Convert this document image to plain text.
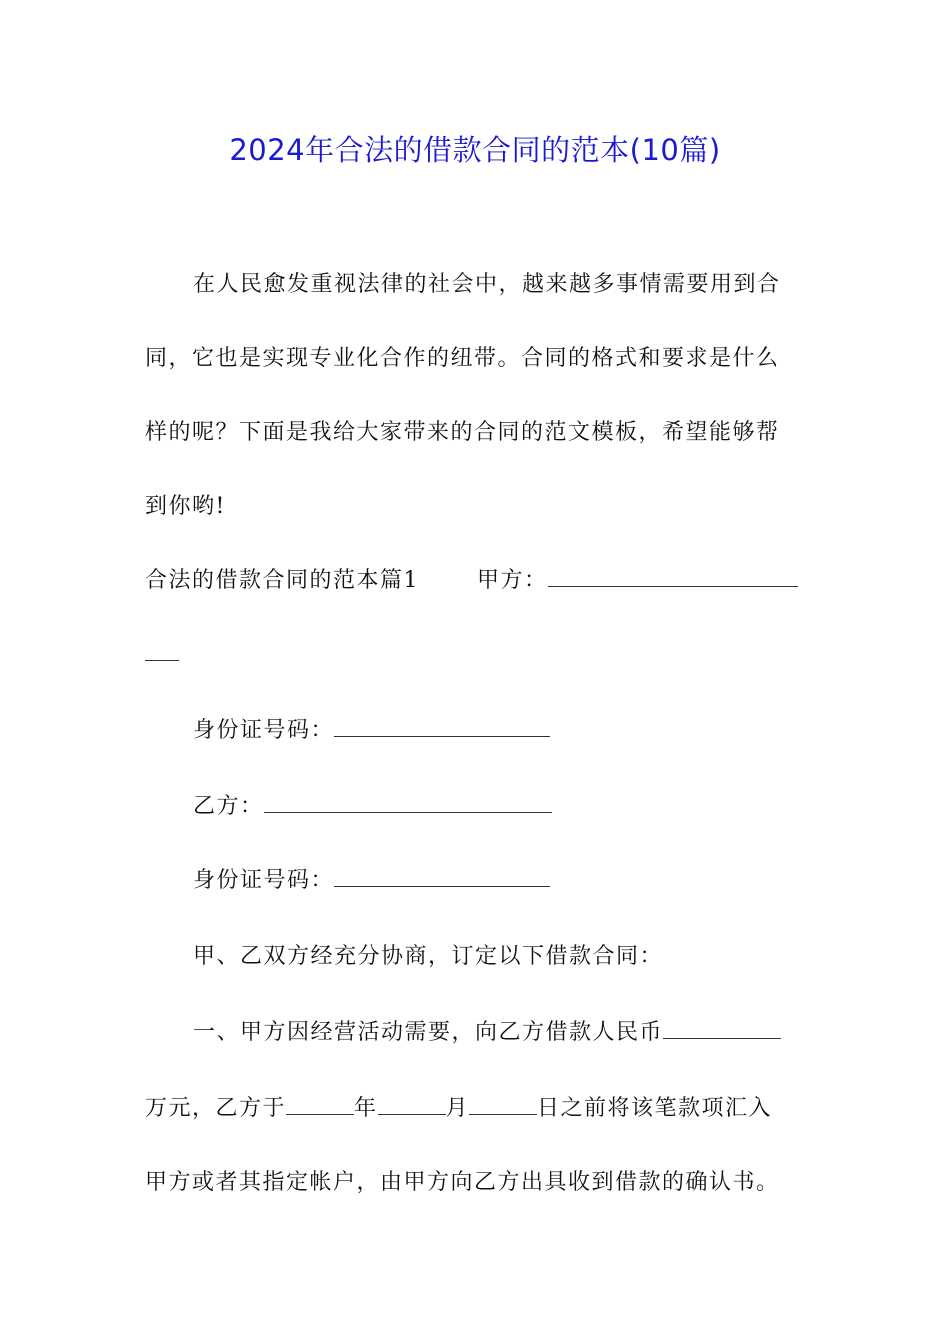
2024年合法的借款合同的范本(10篇)
在人民愈发重视法律的社会中，越来越多事情需要用到合
同，它也是实现专业化合作的纽带。合同的格式和要求是什么
样的呢？下面是我给大家带来的合同的范文模板，希望能够帮
到你哟!
合法的借款合同的范本篇1	甲方：
身份证号码：
乙方：
身份证号码：
甲、乙双方经充分协商，订定以下借款合同：
一、甲方因经营活动需要，向乙方借款人民币
万元，乙方于	年	月	日之前将该笔款项汇入
甲方或者其指定帐户，由甲方向乙方出具收到借款的确认书。
